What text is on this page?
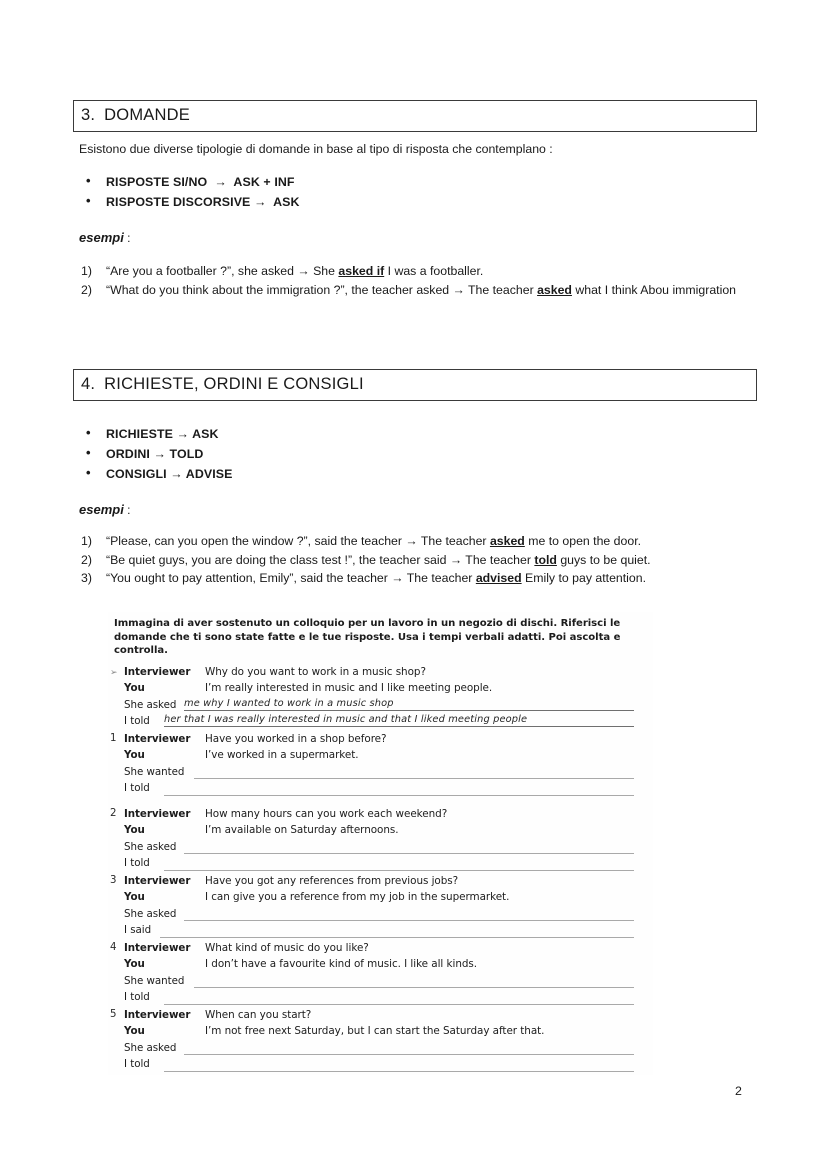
3. DOMANDE
Esistono due diverse tipologie di domande in base al tipo di risposta che contemplano :
• RISPOSTE SI/NO  →  ASK + INF
• RISPOSTE DISCORSIVE →  ASK
esempi :
1) “Are you a footballer ?”, she asked → She asked if I was a footballer.
2) “What do you think about the immigration ?”, the teacher asked → The teacher asked what I think Abou immigration
4. RICHIESTE, ORDINI E CONSIGLI
• RICHIESTE → ASK
• ORDINI → TOLD
• CONSIGLI → ADVISE
esempi :
1) “Please, can you open the window ?”, said the teacher → The teacher asked me to open the door.
2) “Be quiet guys, you are doing the class test !”, the teacher said → The teacher told guys to be quiet.
3) “You ought to pay attention, Emily”, said the teacher → The teacher advised Emily to pay attention.
Immagina di aver sostenuto un colloquio per un lavoro in un negozio di dischi. Riferisci le domande che ti sono state fatte e le tue risposte. Usa i tempi verbali adatti. Poi ascolta e controlla.
➢ Interviewer Why do you want to work in a music shop?
You	I’m really interested in music and I like meeting people.
She asked me why I wanted to work in a music shop
I told her that I was really interested in music and that I liked meeting people
1 Interviewer Have you worked in a shop before?
You	I’ve worked in a supermarket.
She wanted
I told
2 Interviewer How many hours can you work each weekend?
You	I’m available on Saturday afternoons.
She asked
I told
3 Interviewer Have you got any references from previous jobs?
You	I can give you a reference from my job in the supermarket.
She asked
I said
4 Interviewer What kind of music do you like?
You	I don’t have a favourite kind of music. I like all kinds.
She wanted
I told
5 Interviewer When can you start?
You	I’m not free next Saturday, but I can start the Saturday after that.
She asked
I told
2
